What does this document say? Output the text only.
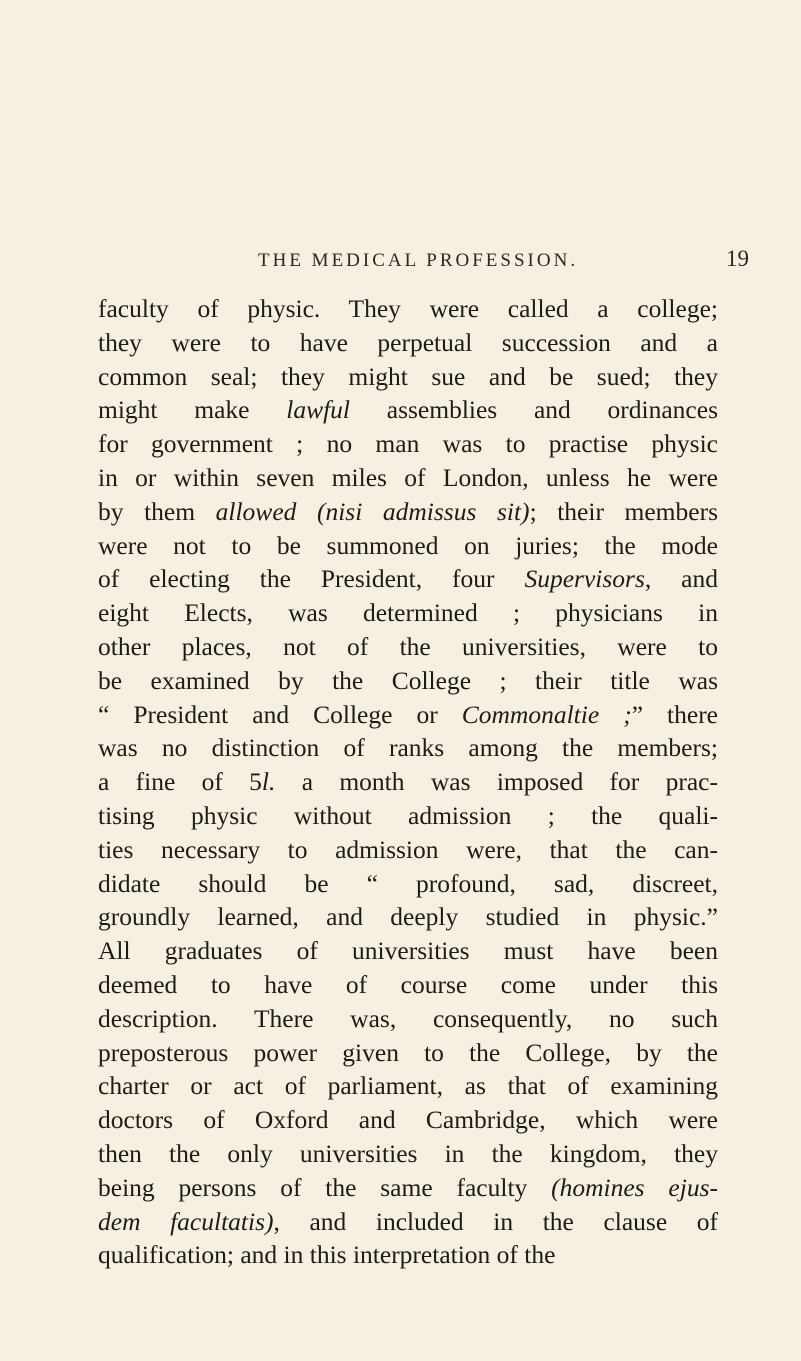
THE MEDICAL PROFESSION.	19
faculty of physic. They were called a college;
they were to have perpetual succession and a
common seal; they might sue and be sued; they
might make lawful assemblies and ordinances
for government ; no man was to practise physic
in or within seven miles of London, unless he were
by them allowed (nisi admissus sit); their members
were not to be summoned on juries; the mode
of electing the President, four Supervisors, and
eight Elects, was determined ; physicians in
other places, not of the universities, were to
be examined by the College ; their title was
“ President and College or Commonaltie ;” there
was no distinction of ranks among the members;
a fine of 5l. a month was imposed for prac-
tising physic without admission ; the quali-
ties necessary to admission were, that the can-
didate should be “ profound, sad, discreet,
groundly learned, and deeply studied in physic.”
All graduates of universities must have been
deemed to have of course come under this
description. There was, consequently, no such
preposterous power given to the College, by the
charter or act of parliament, as that of examining
doctors of Oxford and Cambridge, which were
then the only universities in the kingdom, they
being persons of the same faculty (homines ejus-
dem facultatis), and included in the clause of
qualification; and in this interpretation of the
